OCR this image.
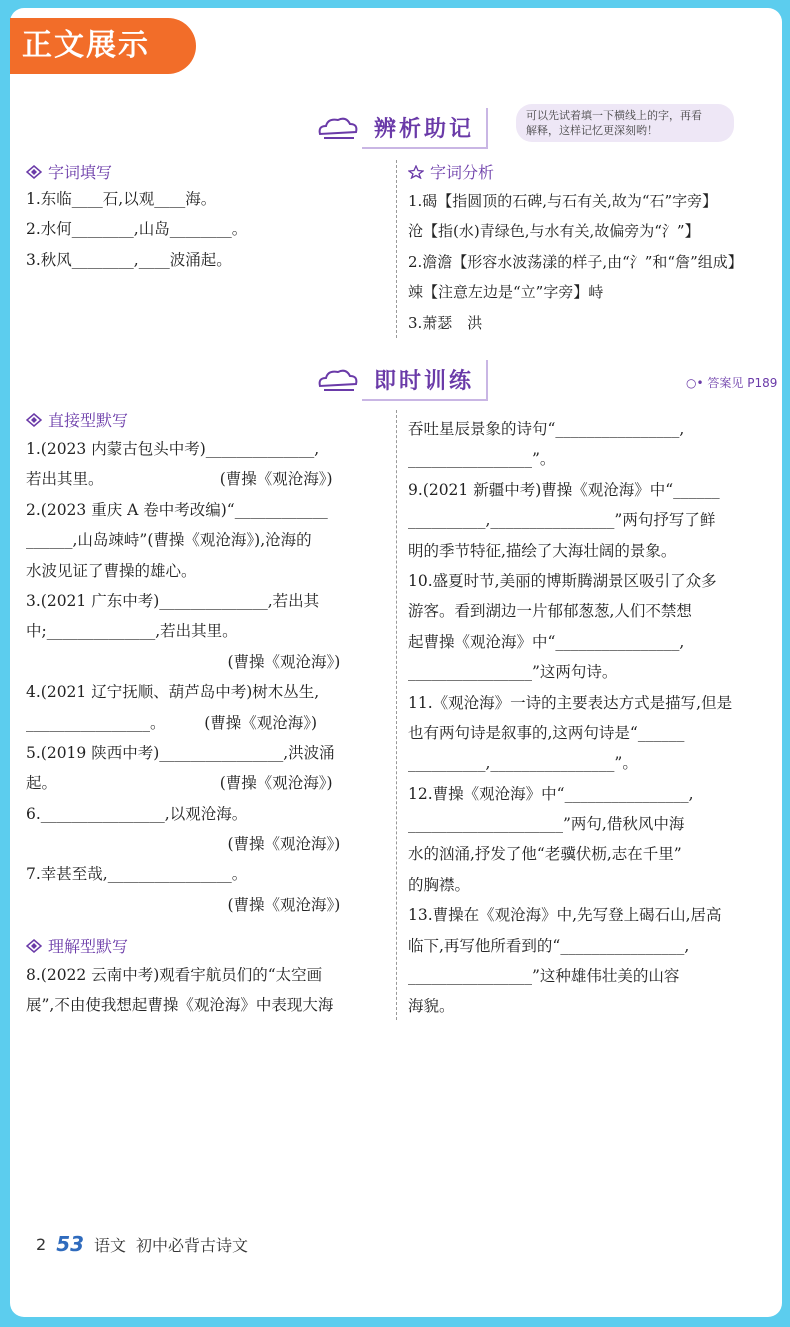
正文展示
辨析助记
可以先试着填一下横线上的字，再看
解释，这样记忆更深刻哟！
字词填写
1.东临____石,以观____海。
2.水何________,山岛________。
3.秋风________,____波涌起。
字词分析
1.碣【指圆顶的石碑,与石有关,故为“石”字旁】
沧【指(水)青绿色,与水有关,故偏旁为“氵”】
2.澹澹【形容水波荡漾的样子,由“氵”和“詹”组成】
竦【注意左边是“立”字旁】峙
3.萧瑟　洪
即时训练	○• 答案见 P189
直接型默写
1.(2023 内蒙古包头中考)______________,
若出其里。　　　　　　　　(曹操《观沧海》)
2.(2023 重庆 A 卷中考改编)“____________
______,山岛竦峙”(曹操《观沧海》),沧海的
水波见证了曹操的雄心。
3.(2021 广东中考)______________,若出其
中;______________,若出其里。
　　　　　　　　　　　　　(曹操《观沧海》)
4.(2021 辽宁抚顺、葫芦岛中考)树木丛生,
________________。　　　(曹操《观沧海》)
5.(2019 陕西中考)________________,洪波涌
起。　　　　　　　　　　　(曹操《观沧海》)
6.________________,以观沧海。
　　　　　　　　　　　　　(曹操《观沧海》)
7.幸甚至哉,________________。
　　　　　　　　　　　　　(曹操《观沧海》)
理解型默写
8.(2022 云南中考)观看宇航员们的“太空画
展”,不由使我想起曹操《观沧海》中表现大海
吞吐星辰景象的诗句“________________,
________________”。
9.(2021 新疆中考)曹操《观沧海》中“______
__________,________________”两句抒写了鲜
明的季节特征,描绘了大海壮阔的景象。
10.盛夏时节,美丽的博斯腾湖景区吸引了众多
游客。看到湖边一片郁郁葱葱,人们不禁想
起曹操《观沧海》中“________________,
________________”这两句诗。
11.《观沧海》一诗的主要表达方式是描写,但是
也有两句诗是叙事的,这两句诗是“______
__________,________________”。
12.曹操《观沧海》中“________________,
____________________”两句,借秋风中海
水的汹涌,抒发了他“老骥伏枥,志在千里”
的胸襟。
13.曹操在《观沧海》中,先写登上碣石山,居高
临下,再写他所看到的“________________,
________________”这种雄伟壮美的山容
海貌。
2 53 语文 初中必背古诗文
